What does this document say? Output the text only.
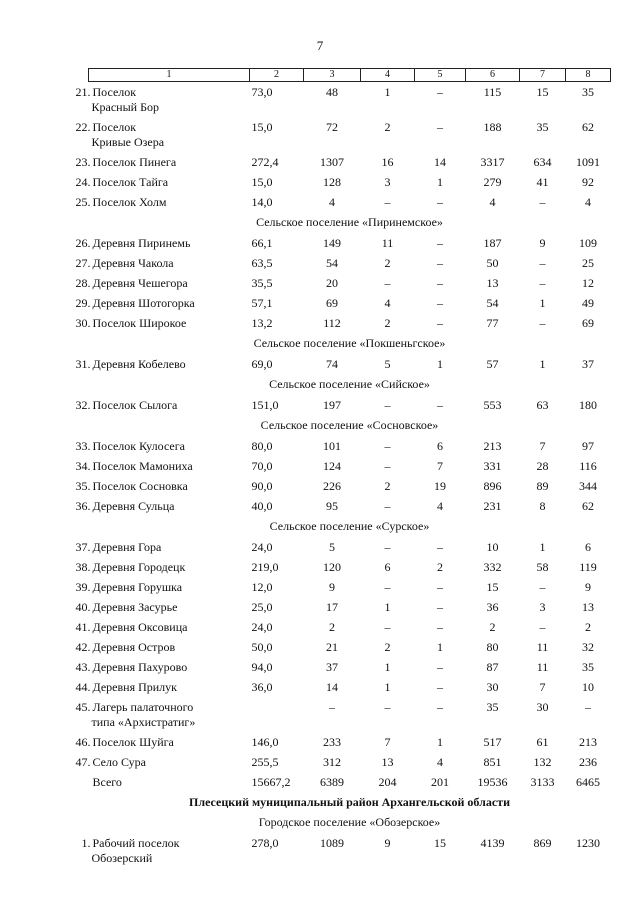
7
1	2	3	4	5	6	7	8
21. Поселок
Красный Бор	73,0	48	1	–	115	15	35
22. Поселок
Кривые Озера	15,0	72	2	–	188	35	62
23. Поселок Пинега	272,4	1307	16	14	3317	634	1091
24. Поселок Тайга	15,0	128	3	1	279	41	92
25. Поселок Холм	14,0	4	–	–	4	–	4
Сельское поселение «Пиринемское»							
26. Деревня Пиринемь	66,1	149	11	–	187	9	109
27. Деревня Чакола	63,5	54	2	–	50	–	25
28. Деревня Чешегора	35,5	20	–	–	13	–	12
29. Деревня Шотогорка	57,1	69	4	–	54	1	49
30. Поселок Широкое	13,2	112	2	–	77	–	69
Сельское поселение «Покшеньгское»							
31. Деревня Кобелево	69,0	74	5	1	57	1	37
Сельское поселение «Сийское»							
32. Поселок Сылога	151,0	197	–	–	553	63	180
Сельское поселение «Сосновское»							
33. Поселок Кулосега	80,0	101	–	6	213	7	97
34. Поселок Мамониха	70,0	124	–	7	331	28	116
35. Поселок Сосновка	90,0	226	2	19	896	89	344
36. Деревня Сульца	40,0	95	–	4	231	8	62
Сельское поселение «Сурское»							
37. Деревня Гора	24,0	5	–	–	10	1	6
38. Деревня Городецк	219,0	120	6	2	332	58	119
39. Деревня Горушка	12,0	9	–	–	15	–	9
40. Деревня Засурье	25,0	17	1	–	36	3	13
41. Деревня Оксовица	24,0	2	–	–	2	–	2
42. Деревня Остров	50,0	21	2	1	80	11	32
43. Деревня Пахурово	94,0	37	1	–	87	11	35
44. Деревня Прилук	36,0	14	1	–	30	7	10
45. Лагерь палаточного
типа «Архистратиг»		–	–	–	35	30	–
46. Поселок Шуйга	146,0	233	7	1	517	61	213
47. Село Сура	255,5	312	13	4	851	132	236
Всего	15667,2	6389	204	201	19536	3133	6465
Плесецкий муниципальный район Архангельской области							
Городское поселение «Обозерское»							
1. Рабочий поселок
Обозерский	278,0	1089	9	15	4139	869	1230
